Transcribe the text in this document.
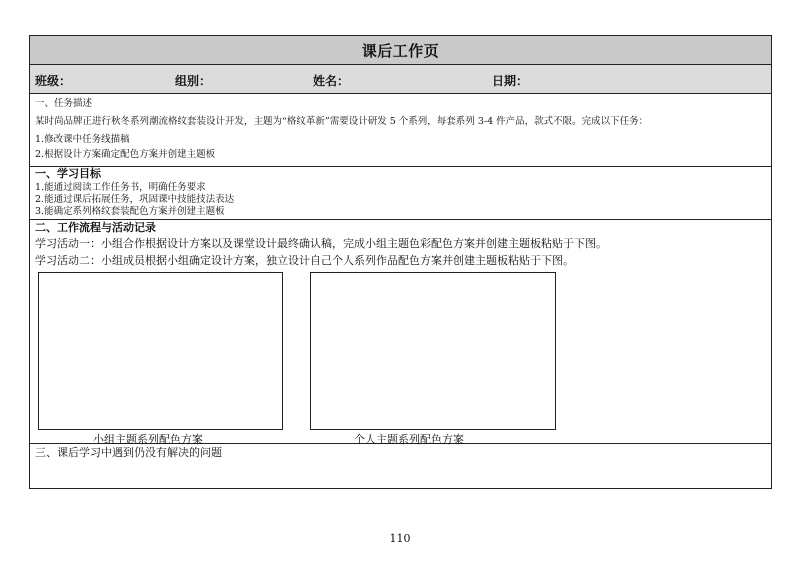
课后工作页
班级：	组别：	姓名：	日期：
一、任务描述
某时尚品牌正进行秋冬系列潮流格纹套装设计开发，主题为“格纹革新”需要设计研发 5 个系列，每套系列 3-4 件产品，款式不限。完成以下任务：
1.修改课中任务线描稿
2.根据设计方案确定配色方案并创建主题板
一、学习目标
1.能通过阅读工作任务书，明确任务要求
2.能通过课后拓展任务，巩固课中技能技法表达
3.能确定系列格纹套装配色方案并创建主题板
二、工作流程与活动记录
学习活动一：小组合作根据设计方案以及课堂设计最终确认稿，完成小组主题色彩配色方案并创建主题板粘贴于下图。
学习活动二：小组成员根据小组确定设计方案，独立设计自己个人系列作品配色方案并创建主题板粘贴于下图。
小组主题系列配色方案	个人主题系列配色方案
三、课后学习中遇到仍没有解决的问题
110
